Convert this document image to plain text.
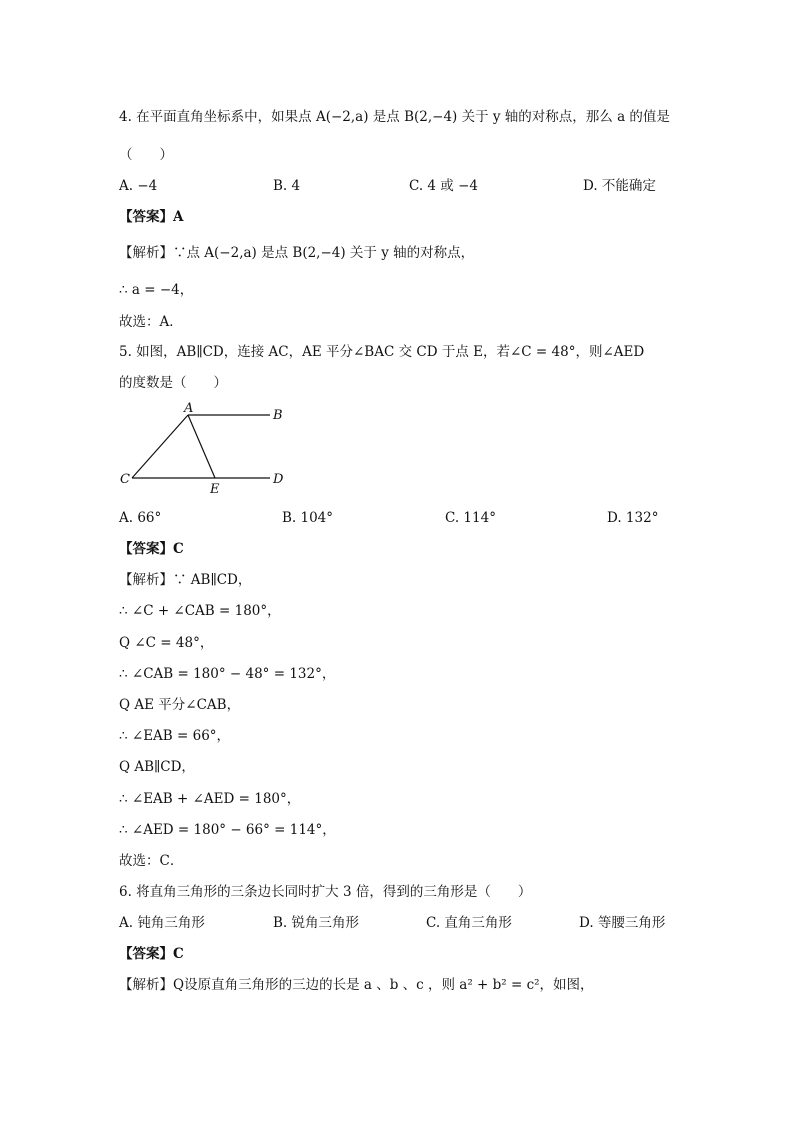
4. 在平面直角坐标系中，如果点 A(−2,a) 是点 B(2,−4) 关于 y 轴的对称点，那么 a 的值是
（　　）
A. −4	B. 4	C. 4 或 −4	D. 不能确定
【答案】A
【解析】∵点 A(−2,a) 是点 B(2,−4) 关于 y 轴的对称点，
∴ a = −4，
故选：A．
5. 如图，AB∥CD，连接 AC，AE 平分∠BAC 交 CD 于点 E，若∠C = 48°，则∠AED
的度数是（　　）
A	B
C	D
E
A. 66°	B. 104°	C. 114°	D. 132°
【答案】C
【解析】∵ AB∥CD，
∴ ∠C + ∠CAB = 180°，
Q ∠C = 48°，
∴ ∠CAB = 180° − 48° = 132°，
Q AE 平分∠CAB，
∴ ∠EAB = 66°，
Q AB∥CD，
∴ ∠EAB + ∠AED = 180°，
∴ ∠AED = 180° − 66° = 114°，
故选：C．
6. 将直角三角形的三条边长同时扩大 3 倍，得到的三角形是（　　）
A. 钝角三角形	B. 锐角三角形	C. 直角三角形	D. 等腰三角形
【答案】C
【解析】Q设原直角三角形的三边的长是 a 、b 、c ，则 a² + b² = c²，如图，
